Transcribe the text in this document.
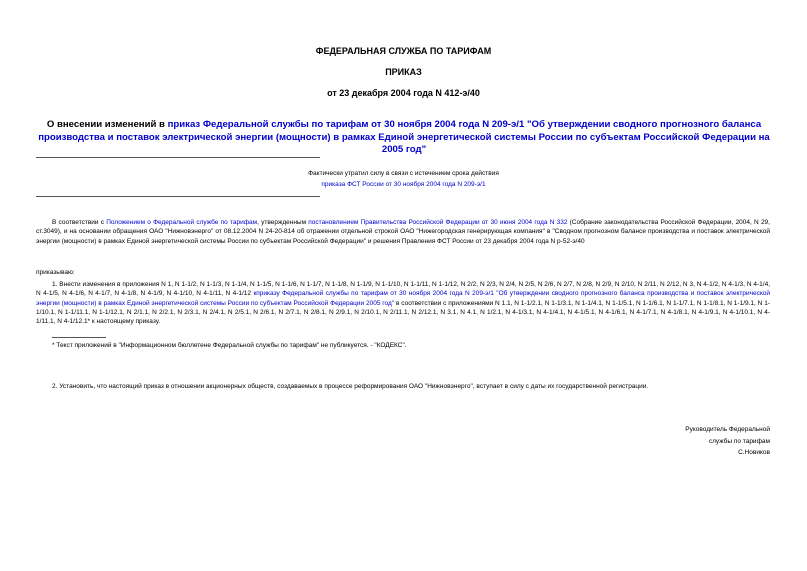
ФЕДЕРАЛЬНАЯ СЛУЖБА ПО ТАРИФАМ
ПРИКАЗ
от 23 декабря 2004 года N 412-э/40
О внесении изменений в приказ Федеральной службы по тарифам от 30 ноября 2004 года N 209-э/1 "Об утверждении сводного прогнозного баланса производства и поставок электрической энергии (мощности) в рамках Единой энергетической системы России по субъектам Российской Федерации на 2005 год"
Фактически утратил силу в связи с истечением срока действия
приказа ФСТ России от 30 ноября 2004 года N 209-э/1
В соответствии с Положением о Федеральной службе по тарифам, утвержденным постановлением Правительства Российской Федерации от 30 июня 2004 года N 332 (Собрание законодательства Российской Федерации, 2004, N 29, ст.3049), и на основании обращения ОАО "Нижновэнерго" от 08.12.2004 N 24-20-814 об отражении отдельной строкой ОАО "Нижегородская генерирующая компания" в "Сводном прогнозном балансе производства и поставок электрической энергии (мощности) в рамках Единой энергетической системы России по субъектам Российской Федерации" и решения Правления ФСТ России от 23 декабря 2004 года N р-52-э/40
приказываю:
1. Внести изменения в приложения N 1, N 1-1/2, N 1-1/3, N 1-1/4, N 1-1/5, N 1-1/6, N 1-1/7, N 1-1/8, N 1-1/9, N 1-1/10, N 1-1/11, N 1-1/12, N 2/2, N 2/3, N 2/4, N 2/5, N 2/6, N 2/7, N 2/8, N 2/9, N 2/10, N 2/11, N 2/12, N 3, N 4-1/2, N 4-1/3, N 4-1/4, N 4-1/5, N 4-1/6, N 4-1/7, N 4-1/8, N 4-1/9, N 4-1/10, N 4-1/11, N 4-1/12 кприказу Федеральной службы по тарифам от 30 ноября 2004 года N 209-э/1 "Об утверждении сводного прогнозного баланса производства и поставок электрической энергии (мощности) в рамках Единой энергетической системы России по субъектам Российской Федерации 2005 год" в соответствии с приложениями N 1.1, N 1-1/2.1, N 1-1/3.1, N 1-1/4.1, N 1-1/5.1, N 1-1/6.1, N 1-1/7.1, N 1-1/8.1, N 1-1/9.1, N 1-1/10.1, N 1-1/11.1, N 1-1/12.1, N 2/1.1, N 2/2.1, N 2/3.1, N 2/4.1, N 2/5.1, N 2/6.1, N 2/7.1, N 2/8.1, N 2/9.1, N 2/10.1, N 2/11.1, N 2/12.1, N 3.1, N 4.1, N 1/2.1, N 4-1/3.1, N 4-1/4.1, N 4-1/5.1, N 4-1/6.1, N 4-1/7.1, N 4-1/8.1, N 4-1/9.1, N 4-1/10.1, N 4-1/11.1, N 4-1/12.1* к настоящему приказу.
* Текст приложений в "Информационном бюллетене Федеральной службы по тарифам" не публикуется. - "КОДЕКС".
2. Установить, что настоящий приказ в отношении акционерных обществ, создаваемых в процессе реформирования ОАО "Нижновэнерго", вступает в силу с даты их государственной регистрации.
Руководитель Федеральной
службы по тарифам
С.Новиков
